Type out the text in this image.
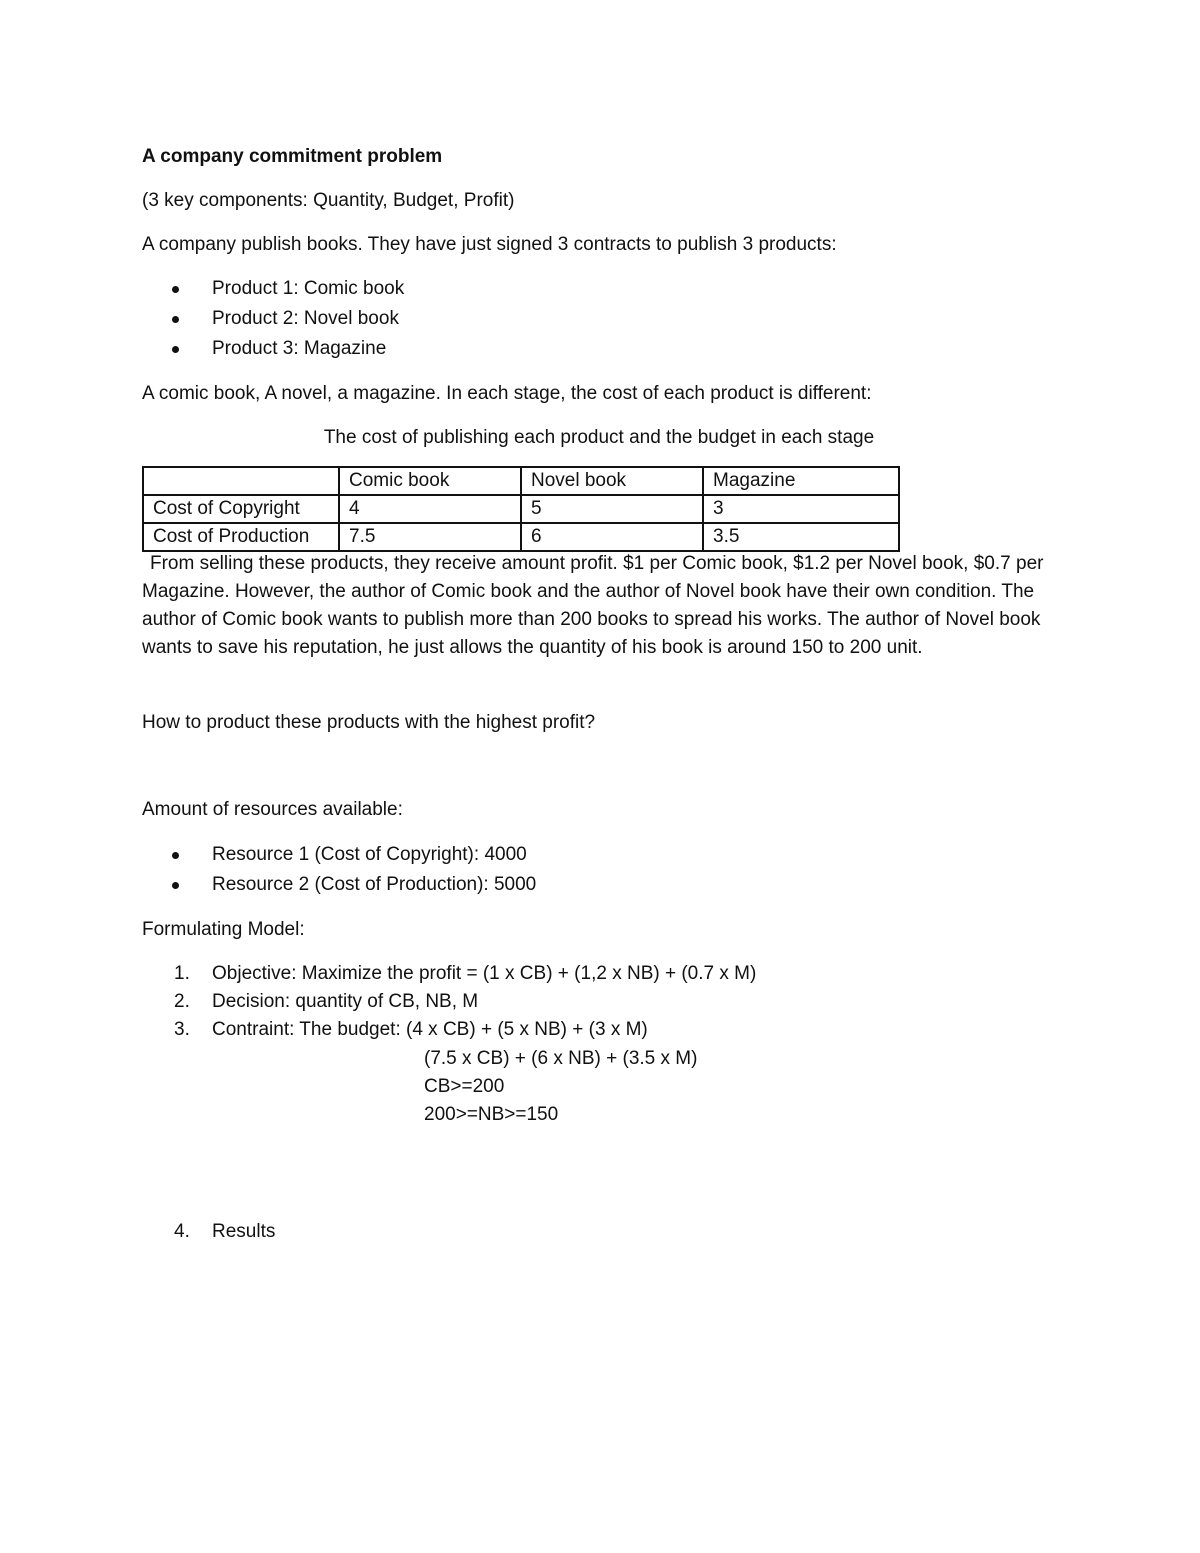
A company commitment problem
(3 key components: Quantity, Budget, Profit)
A company publish books. They have just signed 3 contracts to publish 3 products:
Product 1: Comic book
Product 2: Novel book
Product 3: Magazine
A comic book, A novel, a magazine. In each stage, the cost of each product is different:
The cost of publishing each product and the budget in each stage
	Comic book	Novel book	Magazine
Cost of Copyright	4	5	3
Cost of Production	7.5	6	3.5
From selling these products, they receive amount profit. $1 per Comic book, $1.2 per Novel book, $0.7 per Magazine. However, the author of Comic book and the author of Novel book have their own condition. The author of Comic book wants to publish more than 200 books to spread his works. The author of Novel book wants to save his reputation, he just allows the quantity of his book is around 150 to 200 unit.
How to product these products with the highest profit?
Amount of resources available:
Resource 1 (Cost of Copyright): 4000
Resource 2 (Cost of Production): 5000
Formulating Model:
1. Objective: Maximize the profit = (1 x CB) + (1,2 x NB) + (0.7 x M)
2. Decision: quantity of CB, NB, M
3. Contraint: The budget: (4 x CB) + (5 x NB) + (3 x M)
(7.5 x CB) + (6 x NB) + (3.5 x M)
CB>=200
200>=NB>=150
4. Results
